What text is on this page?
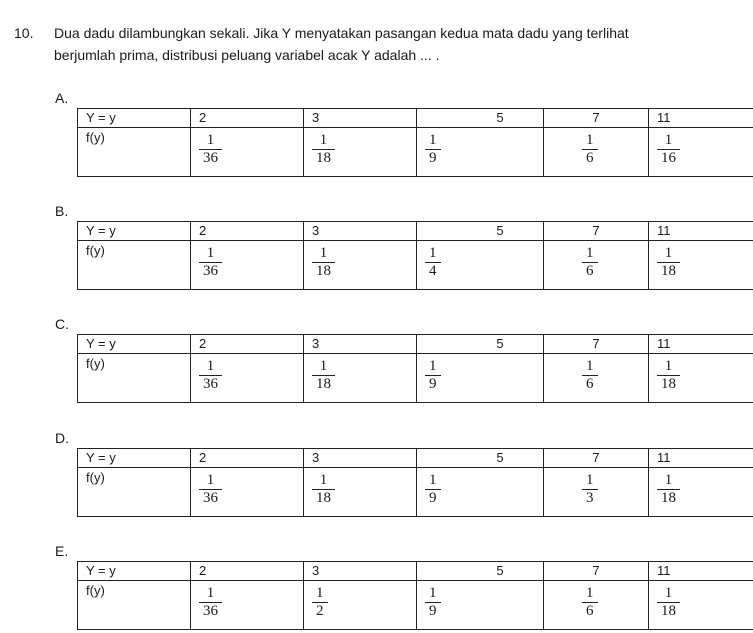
10. Dua dadu dilambungkan sekali. Jika Y menyatakan pasangan kedua mata dadu yang terlihat
berjumlah prima, distribusi peluang variabel acak Y adalah ... .
A.
Y = y	2	3	5	7	11
f(y)	$\frac{1}{36}$	$\frac{1}{18}$	$\frac{1}{9}$	$\frac{1}{6}$	$\frac{1}{16}$
B.
Y = y	2	3	5	7	11
f(y)	$\frac{1}{36}$	$\frac{1}{18}$	$\frac{1}{4}$	$\frac{1}{6}$	$\frac{1}{18}$
C.
Y = y	2	3	5	7	11
f(y)	$\frac{1}{36}$	$\frac{1}{18}$	$\frac{1}{9}$	$\frac{1}{6}$	$\frac{1}{18}$
D.
Y = y	2	3	5	7	11
f(y)	$\frac{1}{36}$	$\frac{1}{18}$	$\frac{1}{9}$	$\frac{1}{3}$	$\frac{1}{18}$
E.
Y = y	2	3	5	7	11
f(y)	$\frac{1}{36}$	$\frac{1}{2}$	$\frac{1}{9}$	$\frac{1}{6}$	$\frac{1}{18}$
